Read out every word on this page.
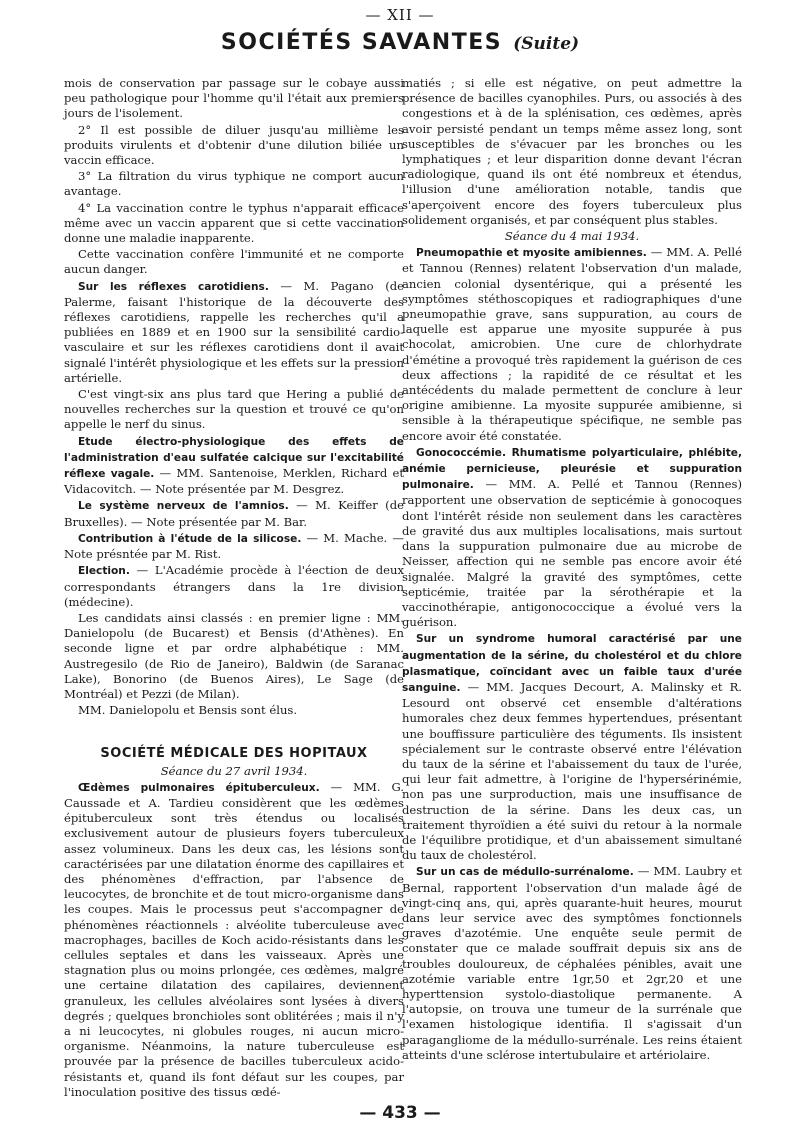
— XII —
SOCIÉTÉS SAVANTES (Suite)

mois de conservation par passage sur le cobaye aussi peu pathologique pour l'homme qu'il l'était aux premiers jours de l'isolement.

2° Il est possible de diluer jusqu'au millième les produits virulents et d'obtenir d'une dilution biliée un vaccin efficace.

3° La filtration du virus typhique ne comport aucun avantage.

4° La vaccination contre le typhus n'apparait efficace même avec un vaccin apparent que si cette vaccination donne une maladie inapparente.

Cette vaccination confère l'immunité et ne comporte aucun danger.

Sur les réflexes carotidiens. — M. Pagano (de Palerme, faisant l'historique de la découverte des réflexes carotidiens, rappelle les recherches qu'il a publiées en 1889 et en 1900 sur la sensibilité cardio-vasculaire et sur les réflexes carotidiens dont il avait signalé l'intérêt physiologique et les effets sur la pression artérielle.

C'est vingt-six ans plus tard que Hering a publié de nouvelles recherches sur la question et trouvé ce qu'on appelle le nerf du sinus.

Etude électro-physiologique des effets de l'administration d'eau sulfatée calcique sur l'excitabilité réflexe vagale. — MM. Santenoise, Merklen, Richard et Vidacovitch. — Note présentée par M. Desgrez.

Le système nerveux de l'amnios. — M. Keiffer (de Bruxelles). — Note présentée par M. Bar.

Contribution à l'étude de la silicose. — M. Mache. — Note présntée par M. Rist.

Election. — L'Académie procède à l'éection de deux correspondants étrangers dans la 1re division (médecine).

Les candidats ainsi classés : en premier ligne : MM. Danielopolu (de Bucarest) et Bensis (d'Athènes). En seconde ligne et par ordre alphabétique : MM. Austregesilo (de Rio de Janeiro), Baldwin (de Saranac Lake), Bonorino (de Buenos Aires), Le Sage (de Montréal) et Pezzi (de Milan).

MM. Danielopolu et Bensis sont élus.

SOCIÉTÉ MÉDICALE DES HOPITAUX

Séance du 27 avril 1934.

Œdèmes pulmonaires épituberculeux. — MM. G. Caussade et A. Tardieu considèrent que les œdèmes épituberculeux sont très étendus ou localisés exclusivement autour de plusieurs foyers tuberculeux assez volumineux. Dans les deux cas, les lésions sont caractérisées par une dilatation énorme des capillaires et des phénomènes d'effraction, par l'absence de leucocytes, de bronchite et de tout micro-organisme dans les coupes. Mais le processus peut s'accompagner de phénomènes réactionnels : alvéolite tuberculeuse avec macrophages, bacilles de Koch acido-résistants dans les cellules septales et dans les vaisseaux. Après une stagnation plus ou moins prlongée, ces œdèmes, malgré une certaine dilatation des capilaires, deviennent granuleux, les cellules alvéolaires sont lysées à divers degrés ; quelques bronchioles sont oblitérées ; mais il n'y a ni leucocytes, ni globules rouges, ni aucun micro-organisme. Néanmoins, la nature tuberculeuse est prouvée par la présence de bacilles tuberculeux acido-résistants et, quand ils font défaut sur les coupes, par l'inoculation positive des tissus œdé-

matiés ; si elle est négative, on peut admettre la présence de bacilles cyanophiles. Purs, ou associés à des congestions et à de la splénisation, ces œdèmes, après avoir persisté pendant un temps même assez long, sont susceptibles de s'évacuer par les bronches ou les lymphatiques ; et leur disparition donne devant l'écran radiologique, quand ils ont été nombreux et étendus, l'illusion d'une amélioration notable, tandis que s'aperçoivent encore des foyers tuberculeux plus solidement organisés, et par conséquent plus stables.

Séance du 4 mai 1934.

Pneumopathie et myosite amibiennes. — MM. A. Pellé et Tannou (Rennes) relatent l'observation d'un malade, ancien colonial dysentérique, qui a présenté les symptômes stéthoscopiques et radiographiques d'une pneumopathie grave, sans suppuration, au cours de laquelle est apparue une myosite suppurée à pus chocolat, amicrobien. Une cure de chlorhydrate d'émétine a provoqué très rapidement la guérison de ces deux affections ; la rapidité de ce résultat et les antécédents du malade permettent de conclure à leur origine amibienne. La myosite suppurée amibienne, si sensible à la thérapeutique spécifique, ne semble pas encore avoir été constatée.

Gonococcémie. Rhumatisme polyarticulaire, phlébite, anémie pernicieuse, pleurésie et suppuration pulmonaire. — MM. A. Pellé et Tannou (Rennes) rapportent une observation de septicémie à gonocoques dont l'intérêt réside non seulement dans les caractères de gravité dus aux multiples localisations, mais surtout dans la suppuration pulmonaire due au microbe de Neisser, affection qui ne semble pas encore avoir été signalée. Malgré la gravité des symptômes, cette septicémie, traitée par la sérothérapie et la vaccinothérapie, antigonococcique a évolué vers la guérison.

Sur un syndrome humoral caractérisé par une augmentation de la sérine, du cholestérol et du chlore plasmatique, coïncidant avec un faible taux d'urée sanguine. — MM. Jacques Decourt, A. Malinsky et R. Lesourd ont observé cet ensemble d'altérations humorales chez deux femmes hypertendues, présentant une bouffissure particulière des téguments. Ils insistent spécialement sur le contraste observé entre l'élévation du taux de la sérine et l'abaissement du taux de l'urée, qui leur fait admettre, à l'origine de l'hypersérinémie, non pas une surproduction, mais une insuffisance de destruction de la sérine. Dans les deux cas, un traitement thyroïdien a été suivi du retour à la normale de l'équilibre protidique, et d'un abaissement simultané du taux de cholestérol.

Sur un cas de médullo-surrénalome. — MM. Laubry et Bernal, rapportent l'observation d'un malade âgé de vingt-cinq ans, qui, après quarante-huit heures, mourut dans leur service avec des symptômes fonctionnels graves d'azotémie. Une enquête seule permit de constater que ce malade souffrait depuis six ans de troubles douloureux, de céphalées pénibles, avait une azotémie variable entre 1gr,50 et 2gr,20 et une hyperttension systolo-diastolique permanente. A l'autopsie, on trouva une tumeur de la surrénale que l'examen histologique identifia. Il s'agissait d'un paragangliome de la médullo-surrénale. Les reins étaient atteints d'une sclérose intertubulaire et artériolaire.

— 433 —
